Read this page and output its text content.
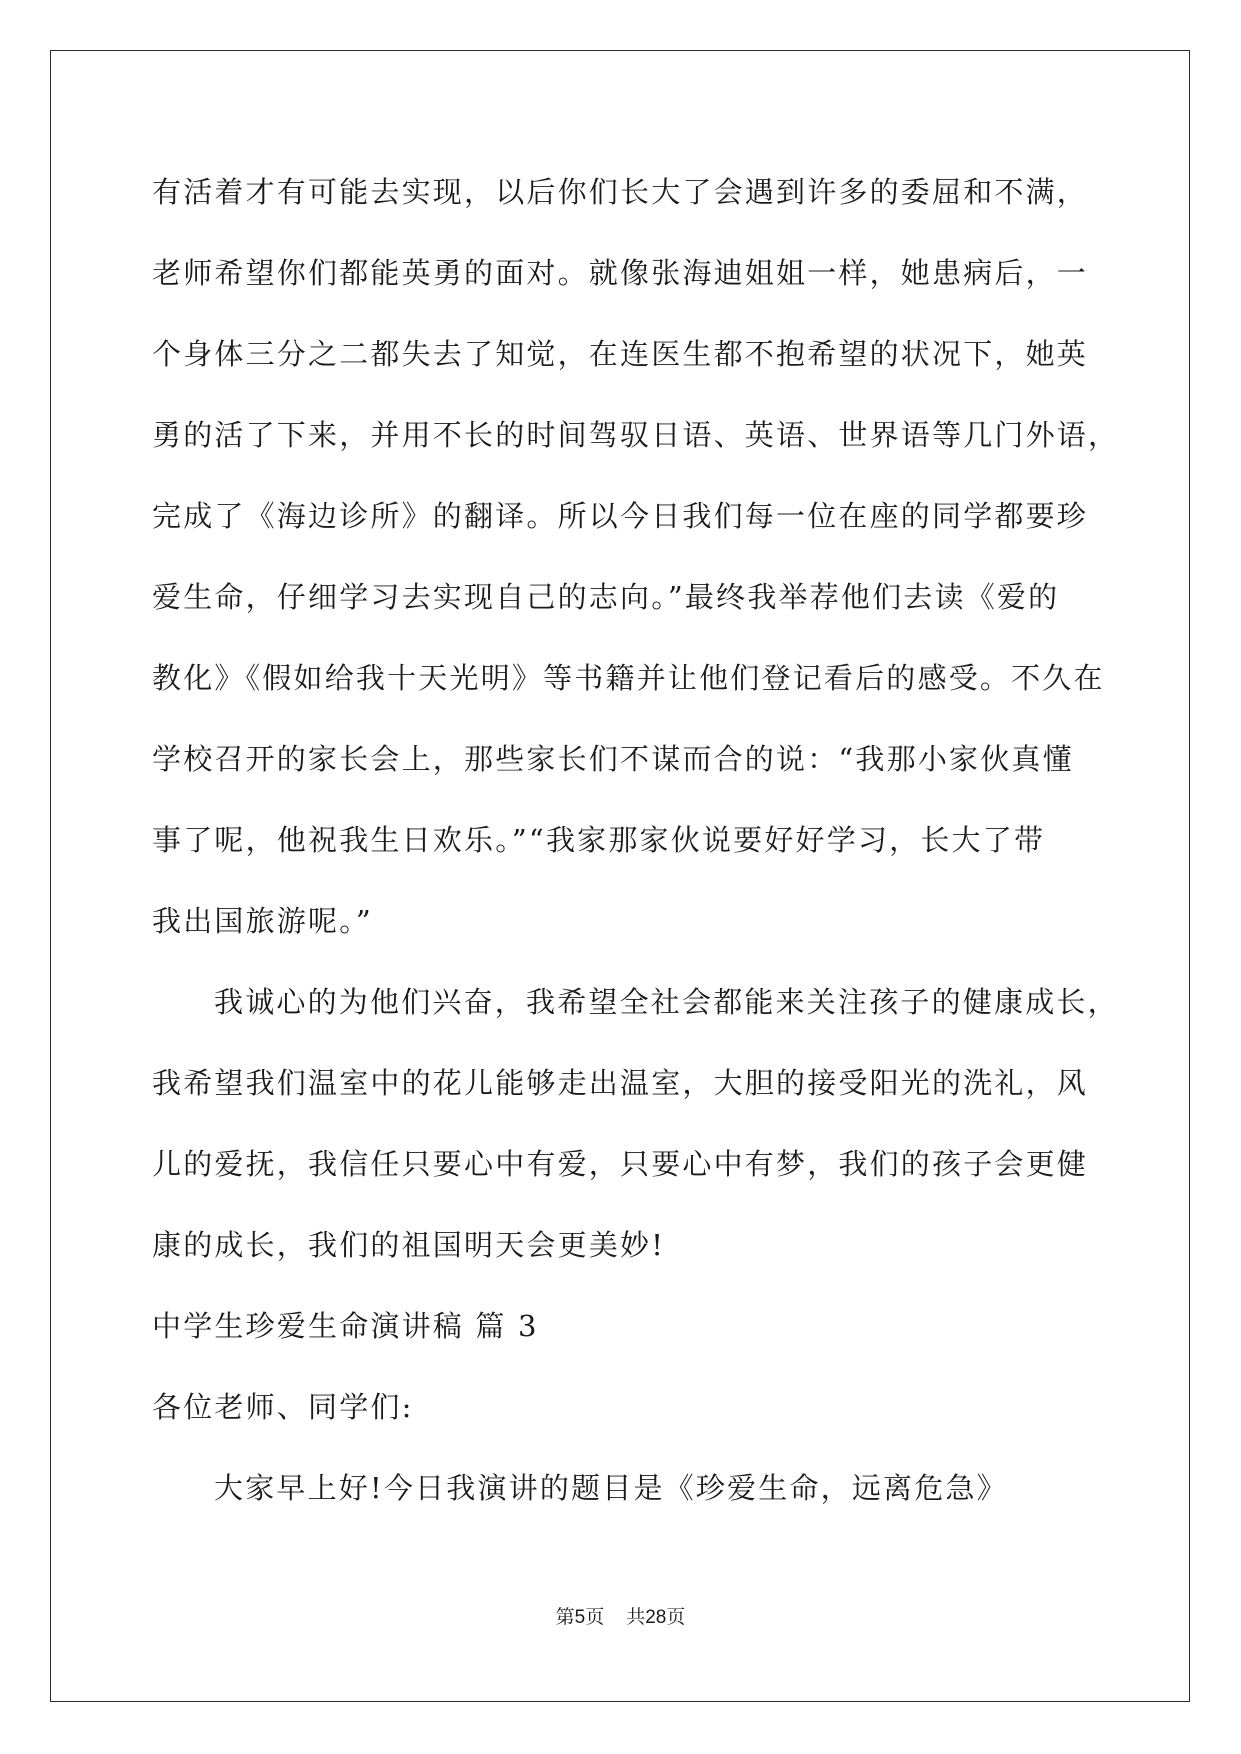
有活着才有可能去实现，以后你们长大了会遇到许多的委屈和不满，
老师希望你们都能英勇的面对。就像张海迪姐姐一样，她患病后，一
个身体三分之二都失去了知觉，在连医生都不抱希望的状况下，她英
勇的活了下来，并用不长的时间驾驭日语、英语、世界语等几门外语，
完成了《海边诊所》的翻译。所以今日我们每一位在座的同学都要珍
爱生命，仔细学习去实现自己的志向。”最终我举荐他们去读《爱的
教化》《假如给我十天光明》等书籍并让他们登记看后的感受。不久在
学校召开的家长会上，那些家长们不谋而合的说：“我那小家伙真懂
事了呢，他祝我生日欢乐。”“我家那家伙说要好好学习，长大了带
我出国旅游呢。”
我诚心的为他们兴奋，我希望全社会都能来关注孩子的健康成长，
我希望我们温室中的花儿能够走出温室，大胆的接受阳光的洗礼，风
儿的爱抚，我信任只要心中有爱，只要心中有梦，我们的孩子会更健
康的成长，我们的祖国明天会更美妙!
中学生珍爱生命演讲稿 篇 3
各位老师、同学们:
大家早上好!今日我演讲的题目是《珍爱生命，远离危急》
第5页 共28页
